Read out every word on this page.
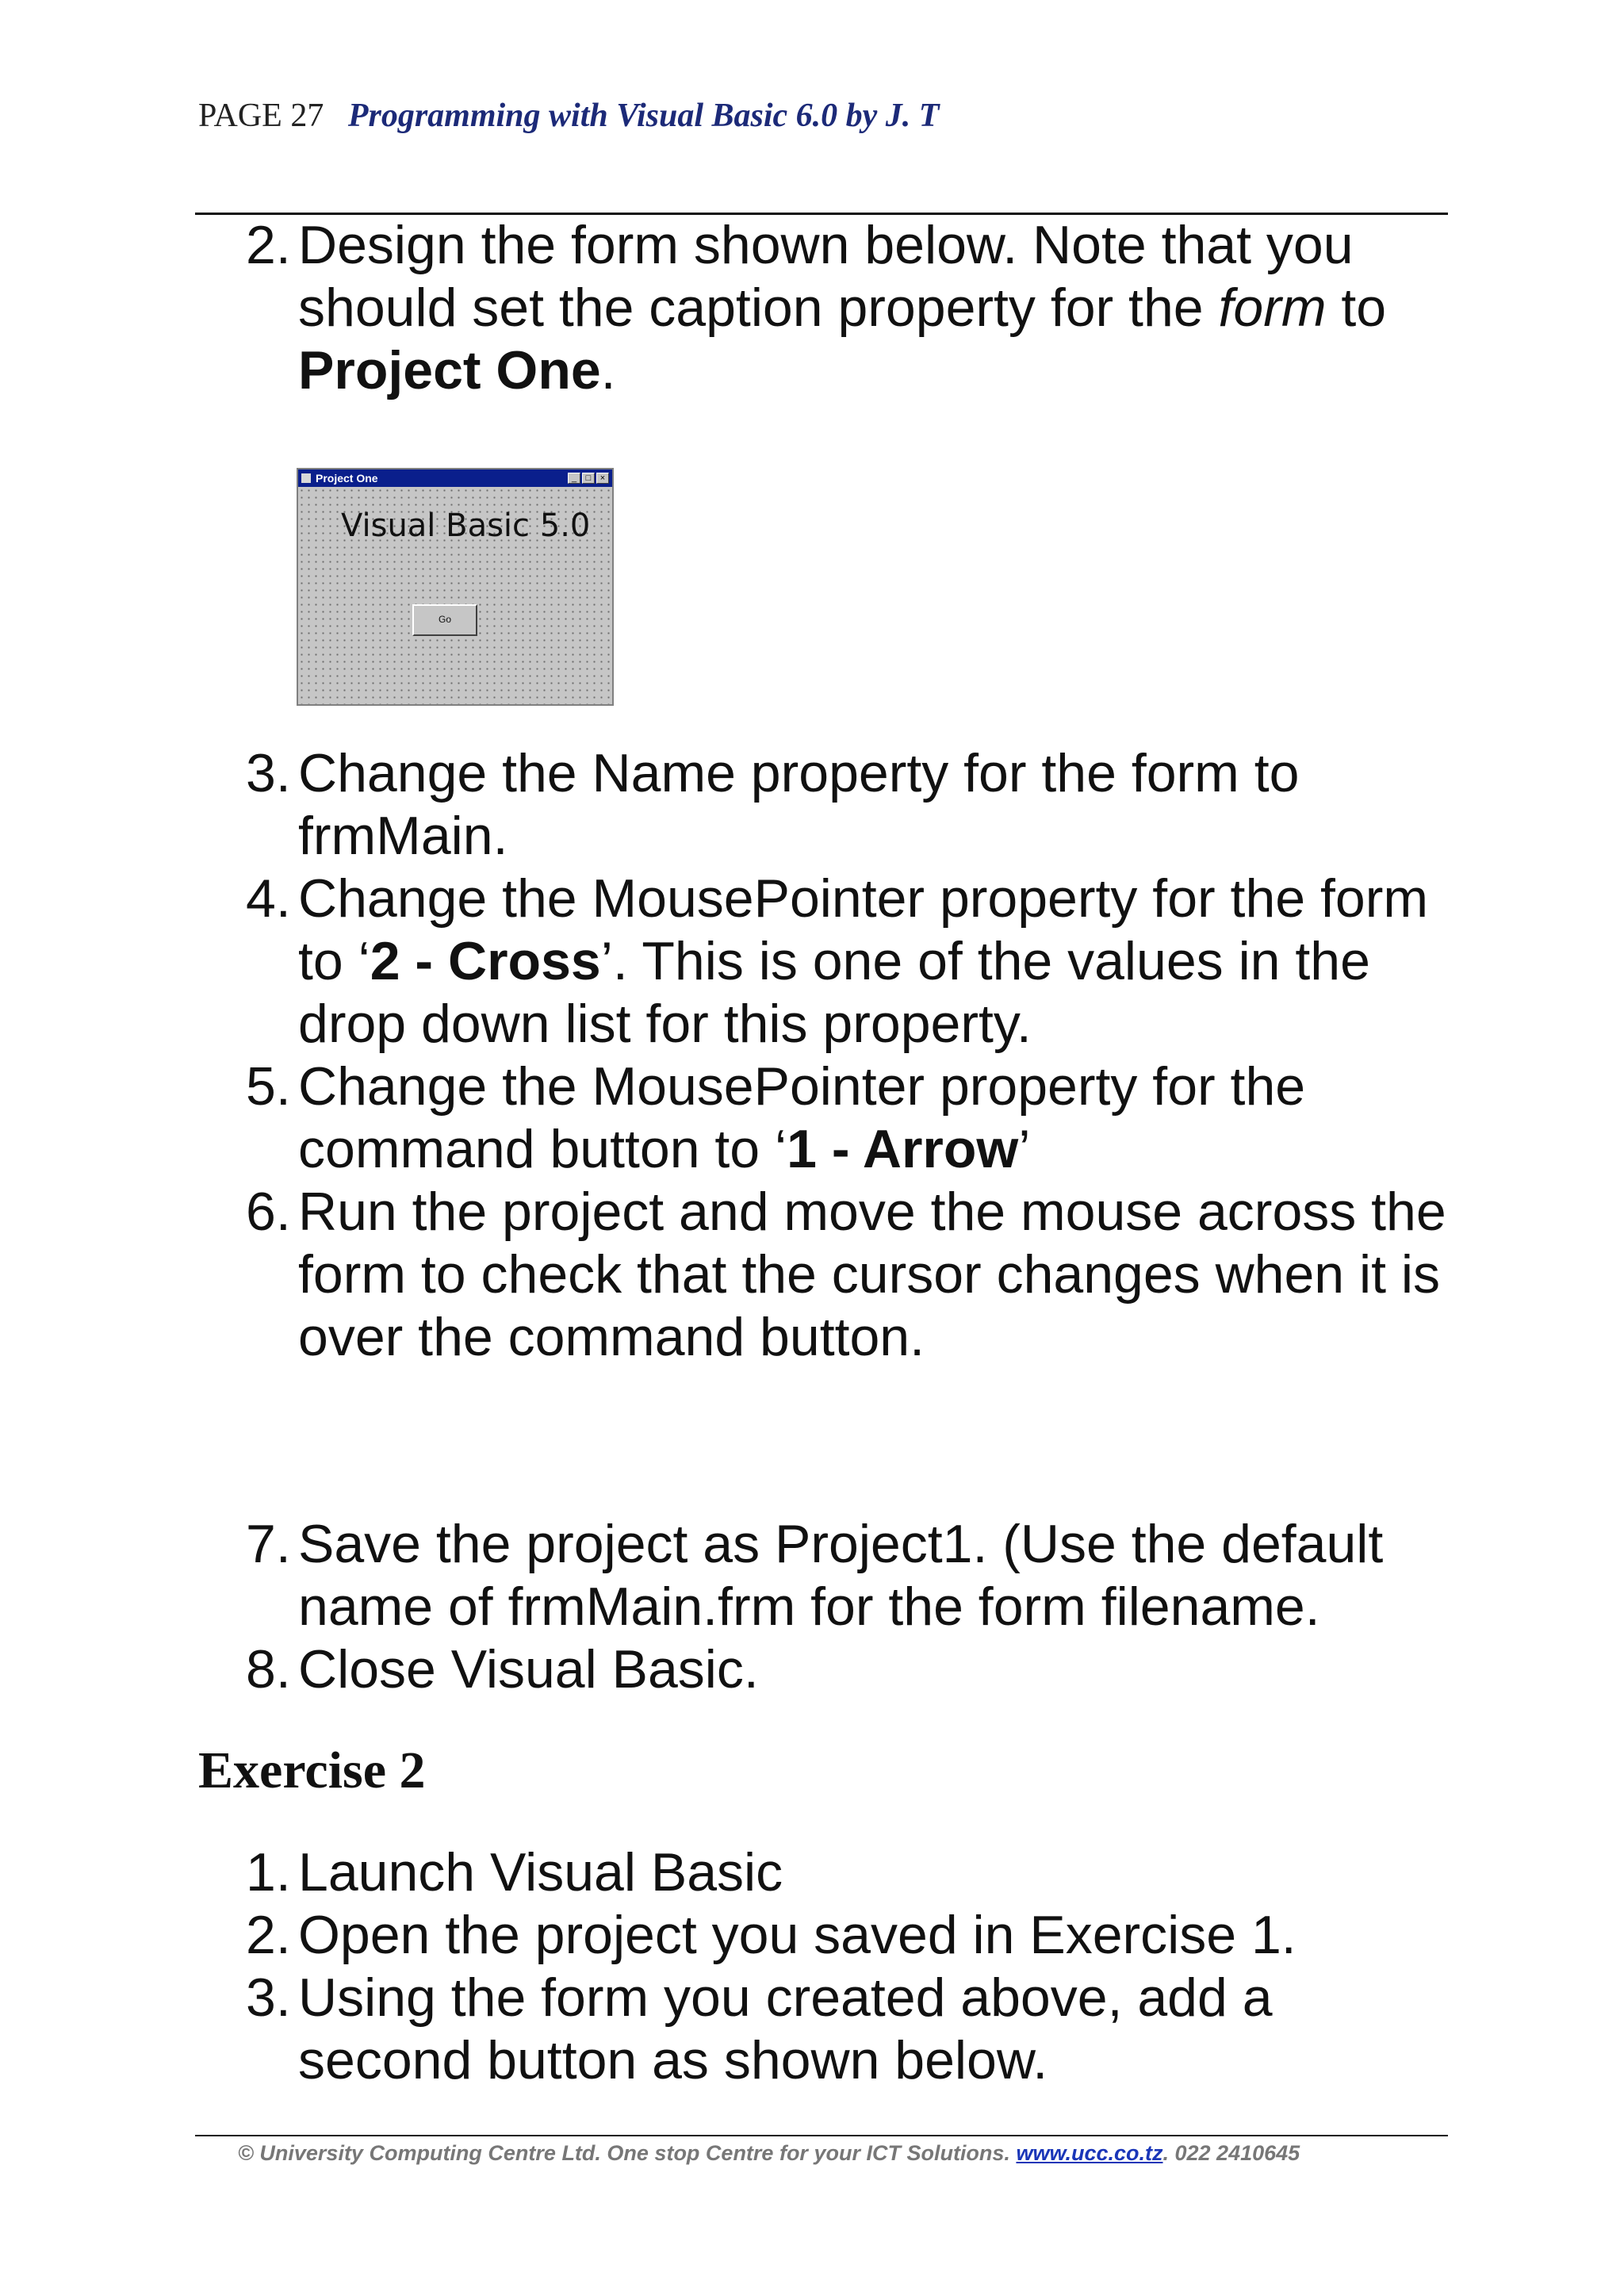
PAGE 27 Programming with Visual Basic 6.0 by J. T

2. Design the form shown below. Note that you should set the caption property for the form to Project One.

Project One	_	□	×
Visual Basic 5.0
Go

3. Change the Name property for the form to frmMain.

4. Change the MousePointer property for the form to ‘2 - Cross’. This is one of the values in the drop down list for this property.

5. Change the MousePointer property for the command button to ‘1 - Arrow’

6. Run the project and move the mouse across the form to check that the cursor changes when it is over the command button.

7. Save the project as Project1. (Use the default name of frmMain.frm for the form filename.

8. Close Visual Basic.

Exercise 2

1. Launch Visual Basic

2. Open the project you saved in Exercise 1.

3. Using the form you created above, add a second button as shown below.

© University Computing Centre Ltd. One stop Centre for your ICT Solutions. www.ucc.co.tz. 022 2410645
